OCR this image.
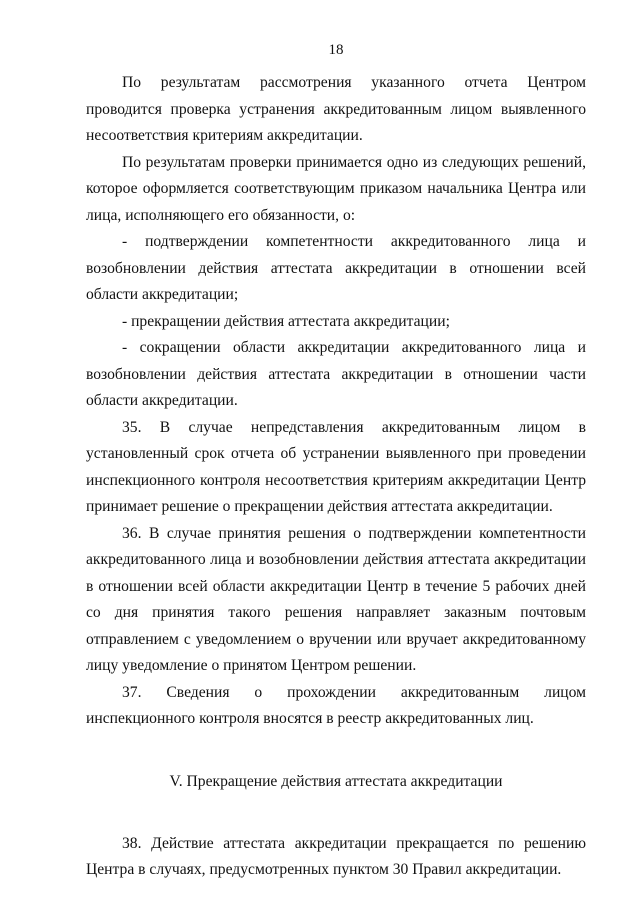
18

По результатам рассмотрения указанного отчета Центром проводится проверка устранения аккредитованным лицом выявленного несоответствия критериям аккредитации.

По результатам проверки принимается одно из следующих решений, которое оформляется соответствующим приказом начальника Центра или лица, исполняющего его обязанности, о:

- подтверждении компетентности аккредитованного лица и возобновлении действия аттестата аккредитации в отношении всей области аккредитации;

- прекращении действия аттестата аккредитации;

- сокращении области аккредитации аккредитованного лица и возобновлении действия аттестата аккредитации в отношении части области аккредитации.

35. В случае непредставления аккредитованным лицом в установленный срок отчета об устранении выявленного при проведении инспекционного контроля несоответствия критериям аккредитации Центр принимает решение о прекращении действия аттестата аккредитации.

36. В случае принятия решения о подтверждении компетентности аккредитованного лица и возобновлении действия аттестата аккредитации в отношении всей области аккредитации Центр в течение 5 рабочих дней со дня принятия такого решения направляет заказным почтовым отправлением с уведомлением о вручении или вручает аккредитованному лицу уведомление о принятом Центром решении.

37. Сведения о прохождении аккредитованным лицом инспекционного контроля вносятся в реестр аккредитованных лиц.

V. Прекращение действия аттестата аккредитации

38. Действие аттестата аккредитации прекращается по решению Центра в случаях, предусмотренных пунктом 30 Правил аккредитации.
